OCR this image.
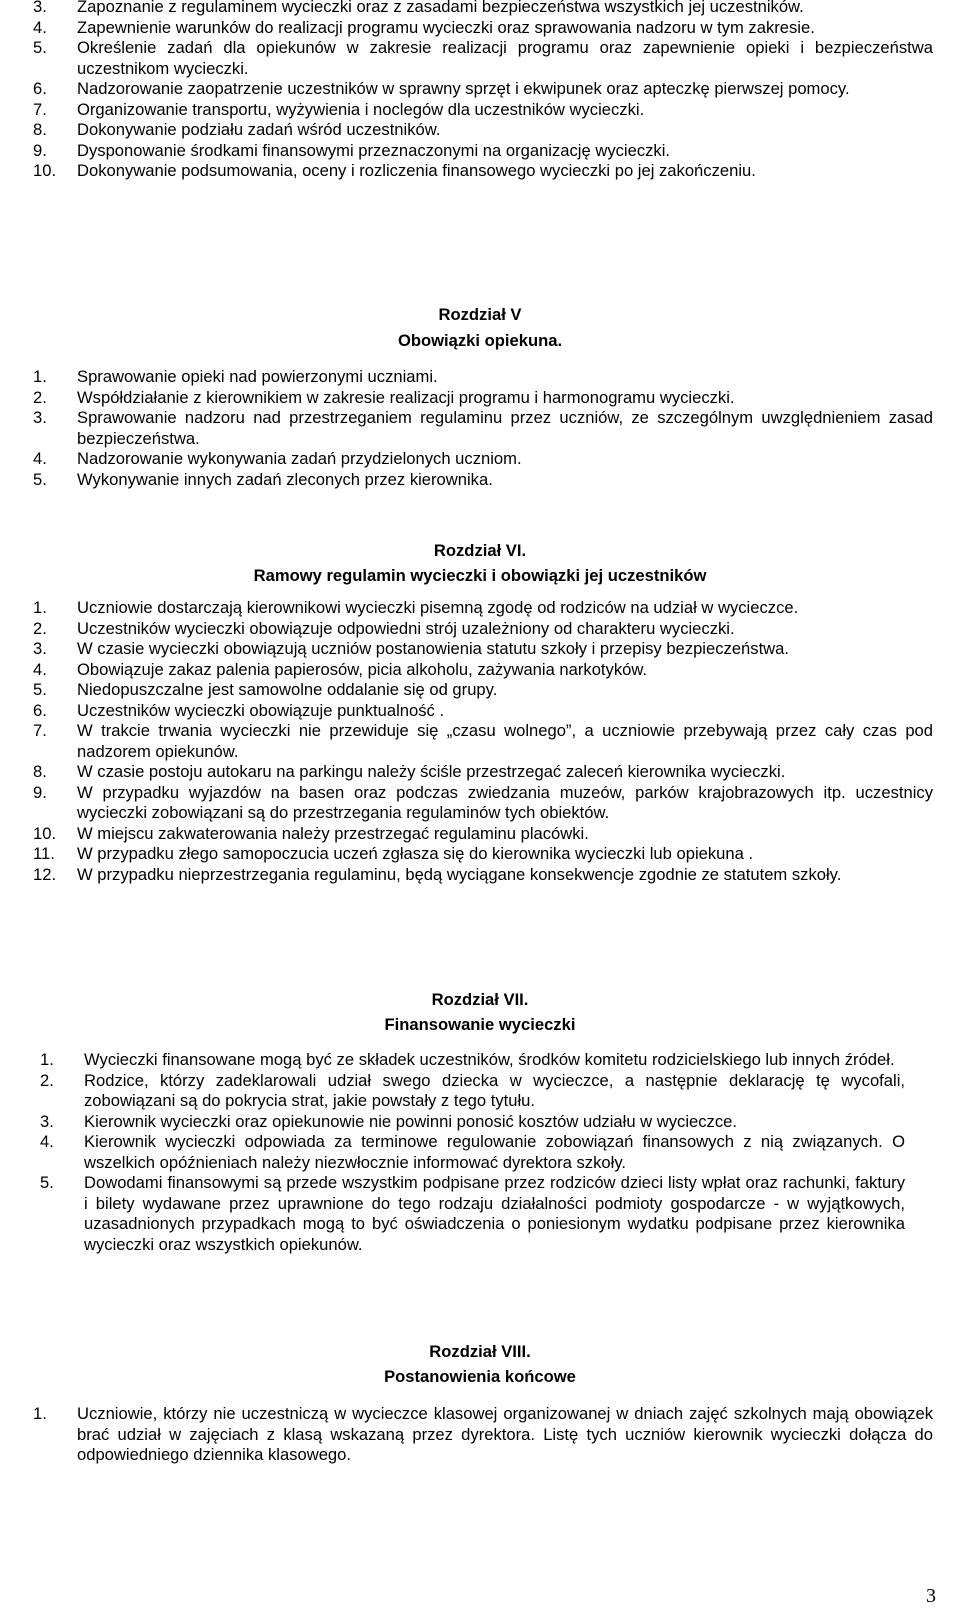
3. Zapoznanie z regulaminem wycieczki oraz z zasadami bezpieczeństwa wszystkich jej uczestników.
4. Zapewnienie warunków do realizacji programu wycieczki oraz sprawowania nadzoru w tym zakresie.
5. Określenie zadań dla opiekunów w zakresie realizacji programu oraz zapewnienie opieki i bezpieczeństwa uczestnikom wycieczki.
6. Nadzorowanie zaopatrzenie uczestników w sprawny sprzęt i ekwipunek oraz apteczkę pierwszej pomocy.
7. Organizowanie transportu, wyżywienia i noclegów dla uczestników wycieczki.
8. Dokonywanie podziału zadań wśród uczestników.
9. Dysponowanie środkami finansowymi przeznaczonymi na organizację wycieczki.
10. Dokonywanie podsumowania, oceny i rozliczenia finansowego wycieczki po jej zakończeniu.
Rozdział V
Obowiązki opiekuna.
1. Sprawowanie opieki nad powierzonymi uczniami.
2. Współdziałanie z kierownikiem w zakresie realizacji programu i harmonogramu wycieczki.
3. Sprawowanie nadzoru nad przestrzeganiem regulaminu przez uczniów, ze szczególnym uwzględnieniem zasad bezpieczeństwa.
4. Nadzorowanie wykonywania zadań przydzielonych uczniom.
5. Wykonywanie innych zadań zleconych przez kierownika.
Rozdział VI.
Ramowy regulamin wycieczki i obowiązki jej uczestników
1. Uczniowie dostarczają kierownikowi wycieczki pisemną zgodę od rodziców na udział w wycieczce.
2. Uczestników wycieczki obowiązuje odpowiedni strój uzależniony od charakteru wycieczki.
3. W czasie wycieczki obowiązują uczniów postanowienia statutu szkoły i przepisy bezpieczeństwa.
4. Obowiązuje zakaz palenia papierosów, picia alkoholu, zażywania narkotyków.
5. Niedopuszczalne jest samowolne oddalanie się od grupy.
6. Uczestników wycieczki obowiązuje punktualność .
7. W trakcie trwania wycieczki nie przewiduje się „czasu wolnego”, a uczniowie przebywają przez cały czas pod nadzorem opiekunów.
8. W czasie postoju autokaru na parkingu należy ściśle przestrzegać zaleceń kierownika wycieczki.
9. W przypadku wyjazdów na basen oraz podczas zwiedzania muzeów, parków krajobrazowych itp. uczestnicy wycieczki zobowiązani są do przestrzegania regulaminów tych obiektów.
10. W miejscu zakwaterowania należy przestrzegać regulaminu placówki.
11. W przypadku złego samopoczucia uczeń zgłasza się do kierownika wycieczki lub opiekuna .
12. W przypadku nieprzestrzegania regulaminu, będą wyciągane konsekwencje zgodnie ze statutem szkoły.
Rozdział VII.
Finansowanie wycieczki
1. Wycieczki finansowane mogą być ze składek uczestników, środków komitetu rodzicielskiego lub innych źródeł.
2. Rodzice, którzy zadeklarowali udział swego dziecka w wycieczce, a następnie deklarację tę wycofali, zobowiązani są do pokrycia strat, jakie powstały z tego tytułu.
3. Kierownik wycieczki oraz opiekunowie nie powinni ponosić kosztów udziału w wycieczce.
4. Kierownik wycieczki odpowiada za terminowe regulowanie zobowiązań finansowych z nią związanych. O wszelkich opóźnieniach należy niezwłocznie informować dyrektora szkoły.
5. Dowodami finansowymi są przede wszystkim podpisane przez rodziców dzieci listy wpłat oraz rachunki, faktury i bilety wydawane przez uprawnione do tego rodzaju działalności podmioty gospodarcze - w wyjątkowych, uzasadnionych przypadkach mogą to być oświadczenia o poniesionym wydatku podpisane przez kierownika wycieczki oraz wszystkich opiekunów.
Rozdział VIII.
Postanowienia końcowe
1. Uczniowie, którzy nie uczestniczą w wycieczce klasowej organizowanej w dniach zajęć szkolnych mają obowiązek brać udział w zajęciach z klasą wskazaną przez dyrektora. Listę tych uczniów kierownik wycieczki dołącza do odpowiedniego dziennika klasowego.
3
